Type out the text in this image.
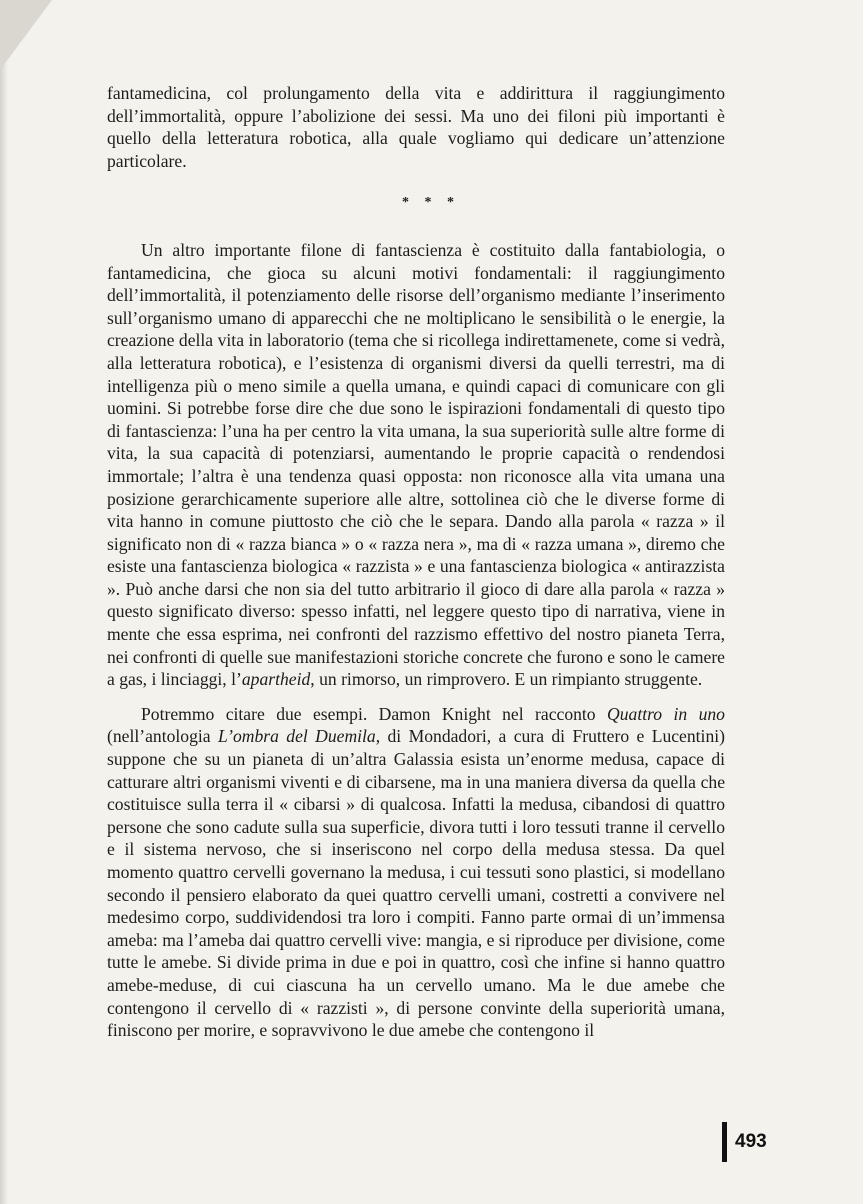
fantamedicina, col prolungamento della vita e addirittura il raggiungimento dell’immortalità, oppure l’abolizione dei sessi. Ma uno dei filoni più importanti è quello della letteratura robotica, alla quale vogliamo qui dedicare un’attenzione particolare.

* * *

Un altro importante filone di fantascienza è costituito dalla fantabiologia, o fantamedicina, che gioca su alcuni motivi fondamentali: il raggiungimento dell’immortalità, il potenziamento delle risorse dell’organismo mediante l’inserimento sull’organismo umano di apparecchi che ne moltiplicano le sensibilità o le energie, la creazione della vita in laboratorio (tema che si ricollega indirettamenete, come si vedrà, alla letteratura robotica), e l’esistenza di organismi diversi da quelli terrestri, ma di intelligenza più o meno simile a quella umana, e quindi capaci di comunicare con gli uomini. Si potrebbe forse dire che due sono le ispirazioni fondamentali di questo tipo di fantascienza: l’una ha per centro la vita umana, la sua superiorità sulle altre forme di vita, la sua capacità di potenziarsi, aumentando le proprie capacità o rendendosi immortale; l’altra è una tendenza quasi opposta: non riconosce alla vita umana una posizione gerarchicamente superiore alle altre, sottolinea ciò che le diverse forme di vita hanno in comune piuttosto che ciò che le separa. Dando alla parola « razza » il significato non di « razza bianca » o « razza nera », ma di « razza umana », diremo che esiste una fantascienza biologica « razzista » e una fantascienza biologica « antirazzista ». Può anche darsi che non sia del tutto arbitrario il gioco di dare alla parola « razza » questo significato diverso: spesso infatti, nel leggere questo tipo di narrativa, viene in mente che essa esprima, nei confronti del razzismo effettivo del nostro pianeta Terra, nei confronti di quelle sue manifestazioni storiche concrete che furono e sono le camere a gas, i linciaggi, l’apartheid, un rimorso, un rimprovero. E un rimpianto struggente.

Potremmo citare due esempi. Damon Knight nel racconto Quattro in uno (nell’antologia L’ombra del Duemila, di Mondadori, a cura di Fruttero e Lucentini) suppone che su un pianeta di un’altra Galassia esista un’enorme medusa, capace di catturare altri organismi viventi e di cibarsene, ma in una maniera diversa da quella che costituisce sulla terra il « cibarsi » di qualcosa. Infatti la medusa, cibandosi di quattro persone che sono cadute sulla sua superficie, divora tutti i loro tessuti tranne il cervello e il sistema nervoso, che si inseriscono nel corpo della medusa stessa. Da quel momento quattro cervelli governano la medusa, i cui tessuti sono plastici, si modellano secondo il pensiero elaborato da quei quattro cervelli umani, costretti a convivere nel medesimo corpo, suddividendosi tra loro i compiti. Fanno parte ormai di un’immensa ameba: ma l’ameba dai quattro cervelli vive: mangia, e si riproduce per divisione, come tutte le amebe. Si divide prima in due e poi in quattro, così che infine si hanno quattro amebe-meduse, di cui ciascuna ha un cervello umano. Ma le due amebe che contengono il cervello di « razzisti », di persone convinte della superiorità umana, finiscono per morire, e sopravvivono le due amebe che contengono il

493
